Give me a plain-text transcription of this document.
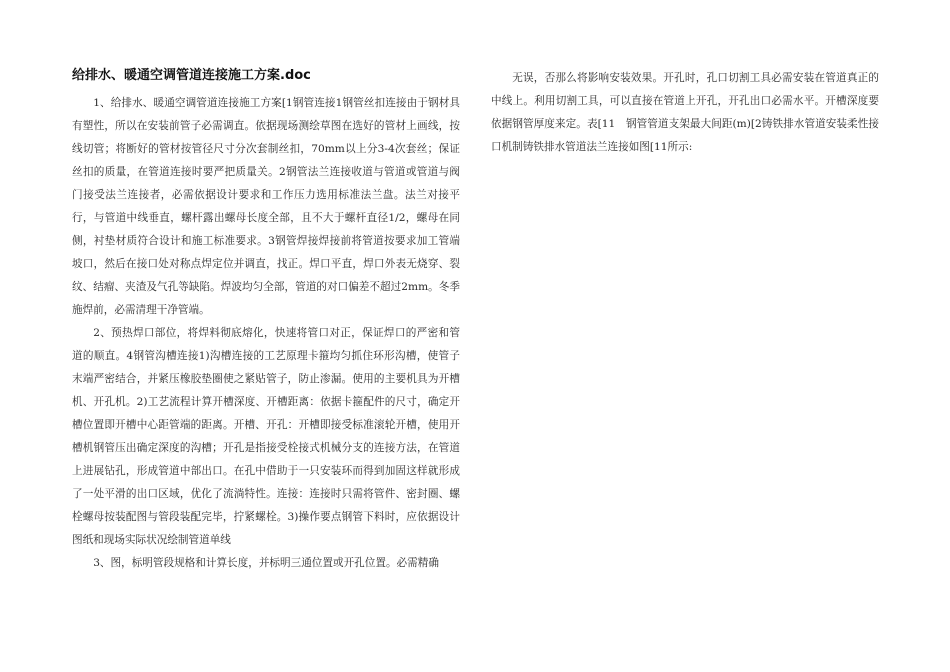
给排水、暖通空调管道连接施工方案.doc

1、给排水、暖通空调管道连接施工方案[1钢管连接1钢管丝扣连接由于钢材具有塑性，所以在安装前管子必需调直。依据现场测绘草图在选好的管材上画线，按线切管；将断好的管材按管径尺寸分次套制丝扣，70mm以上分3-4次套丝；保证丝扣的质量，在管道连接时要严把质量关。2钢管法兰连接收道与管道或管道与阀门接受法兰连接者，必需依据设计要求和工作压力选用标准法兰盘。法兰对接平行，与管道中线垂直，螺杆露出螺母长度全部，且不大于螺杆直径1/2，螺母在同侧，衬垫材质符合设计和施工标准要求。3钢管焊接焊接前将管道按要求加工管端坡口，然后在接口处对称点焊定位并调直，找正。焊口平直，焊口外表无烧穿、裂纹、结瘤、夹渣及气孔等缺陷。焊波均匀全部，管道的对口偏差不超过2mm。冬季施焊前，必需清理干净管端。

2、预热焊口部位，将焊料彻底熔化，快速将管口对正，保证焊口的严密和管道的顺直。4钢管沟槽连接1)沟槽连接的工艺原理卡箍均匀抓住环形沟槽，使管子末端严密结合，并紧压橡胶垫圈使之紧贴管子，防止渗漏。使用的主要机具为开槽机、开孔机。2)工艺流程计算开槽深度、开槽距离：依据卡箍配件的尺寸，确定开槽位置即开槽中心距管端的距离。开槽、开孔：开槽即接受标准滚轮开槽，使用开槽机钢管压出确定深度的沟槽；开孔是指接受栓接式机械分支的连接方法，在管道上进展钻孔，形成管道中部出口。在孔中借助于一只安装环而得到加固这样就形成了一处平滑的出口区域，优化了流淌特性。连接：连接时只需将管件、密封圈、螺栓螺母按装配图与管段装配完毕，拧紧螺栓。3)操作要点钢管下料时，应依据设计图纸和现场实际状况绘制管道单线

3、图，标明管段规格和计算长度，并标明三通位置或开孔位置。必需精确

无误，否那么将影响安装效果。开孔时，孔口切割工具必需安装在管道真正的中线上。利用切割工具，可以直接在管道上开孔，开孔出口必需水平。开槽深度要依据钢管厚度来定。表[11　钢管管道支架最大间距(m)[2铸铁排水管道安装柔性接口机制铸铁排水管道法兰连接如图[11所示:
